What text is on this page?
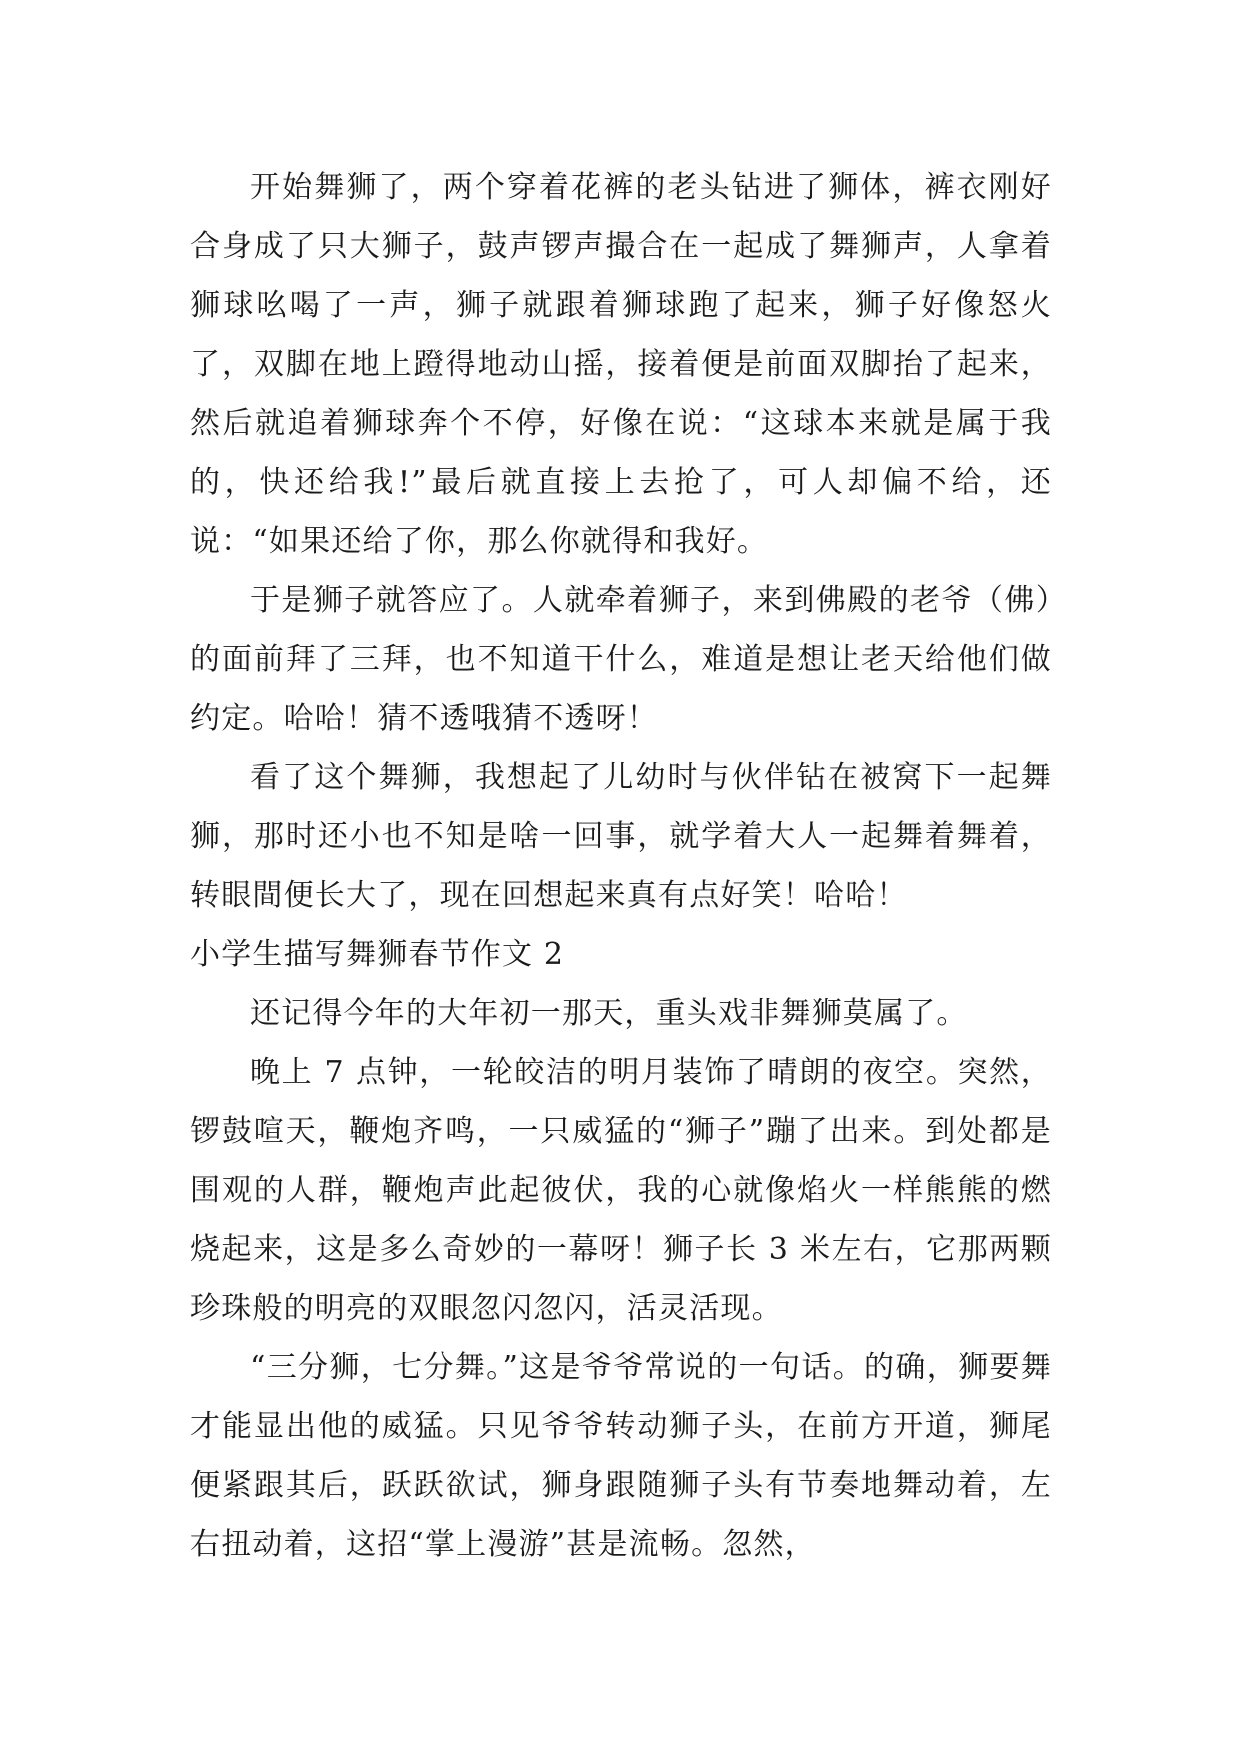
开始舞狮了，两个穿着花裤的老头钻进了狮体，裤衣刚好合身成了只大狮子，鼓声锣声撮合在一起成了舞狮声，人拿着狮球吆喝了一声，狮子就跟着狮球跑了起来，狮子好像怒火了，双脚在地上蹬得地动山摇，接着便是前面双脚抬了起来，然后就追着狮球奔个不停，好像在说：“这球本来就是属于我的，快还给我!”最后就直接上去抢了，可人却偏不给，还说：“如果还给了你，那么你就得和我好。

于是狮子就答应了。人就牵着狮子，来到佛殿的老爷（佛）的面前拜了三拜，也不知道干什么，难道是想让老天给他们做约定。哈哈！猜不透哦猜不透呀！

看了这个舞狮，我想起了儿幼时与伙伴钻在被窝下一起舞狮，那时还小也不知是啥一回事，就学着大人一起舞着舞着，转眼間便长大了，现在回想起来真有点好笑！哈哈！

小学生描写舞狮春节作文 2

还记得今年的大年初一那天，重头戏非舞狮莫属了。

晚上 7 点钟，一轮皎洁的明月装饰了晴朗的夜空。突然，锣鼓喧天，鞭炮齐鸣，一只威猛的“狮子”蹦了出来。到处都是围观的人群，鞭炮声此起彼伏，我的心就像焰火一样熊熊的燃烧起来，这是多么奇妙的一幕呀！狮子长 3 米左右，它那两颗珍珠般的明亮的双眼忽闪忽闪，活灵活现。

“三分狮，七分舞。”这是爷爷常说的一句话。的确，狮要舞才能显出他的威猛。只见爷爷转动狮子头，在前方开道，狮尾便紧跟其后，跃跃欲试，狮身跟随狮子头有节奏地舞动着，左右扭动着，这招“掌上漫游”甚是流畅。忽然，
